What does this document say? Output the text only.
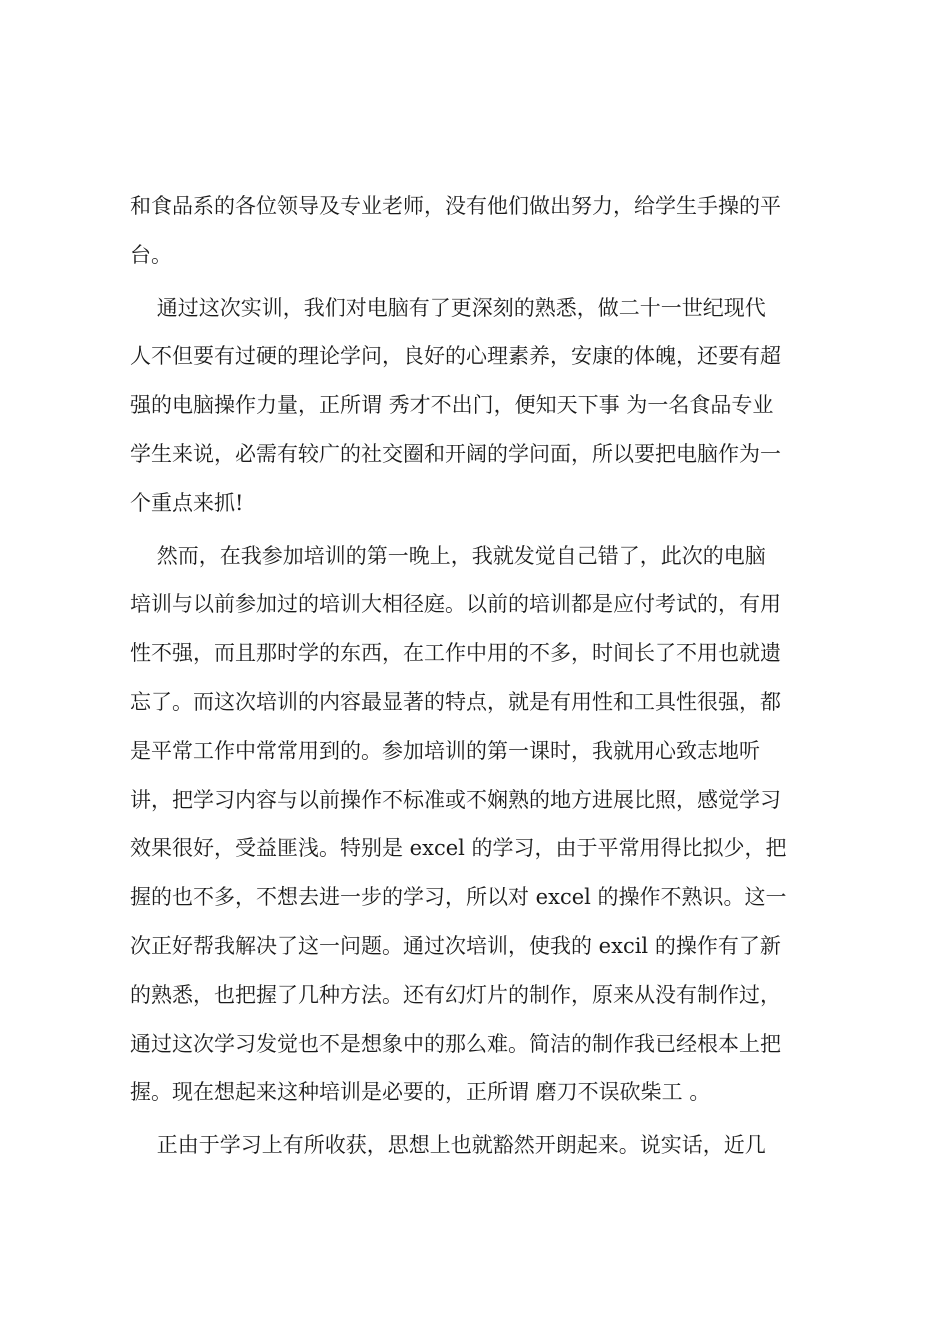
和食品系的各位领导及专业老师，没有他们做出努力，给学生手操的平
台。
通过这次实训，我们对电脑有了更深刻的熟悉，做二十一世纪现代
人不但要有过硬的理论学问，良好的心理素养，安康的体魄，还要有超
强的电脑操作力量，正所谓 秀才不出门，便知天下事 为一名食品专业
学生来说，必需有较广的社交圈和开阔的学问面，所以要把电脑作为一
个重点来抓!
然而，在我参加培训的第一晚上，我就发觉自己错了，此次的电脑
培训与以前参加过的培训大相径庭。以前的培训都是应付考试的，有用
性不强，而且那时学的东西，在工作中用的不多，时间长了不用也就遗
忘了。而这次培训的内容最显著的特点，就是有用性和工具性很强，都
是平常工作中常常用到的。参加培训的第一课时，我就用心致志地听
讲，把学习内容与以前操作不标准或不娴熟的地方进展比照，感觉学习
效果很好，受益匪浅。特别是 excel 的学习，由于平常用得比拟少，把
握的也不多，不想去进一步的学习，所以对 excel 的操作不熟识。这一
次正好帮我解决了这一问题。通过次培训，使我的 excil 的操作有了新
的熟悉，也把握了几种方法。还有幻灯片的制作，原来从没有制作过，
通过这次学习发觉也不是想象中的那么难。简洁的制作我已经根本上把
握。现在想起来这种培训是必要的，正所谓 磨刀不误砍柴工 。
正由于学习上有所收获，思想上也就豁然开朗起来。说实话，近几
